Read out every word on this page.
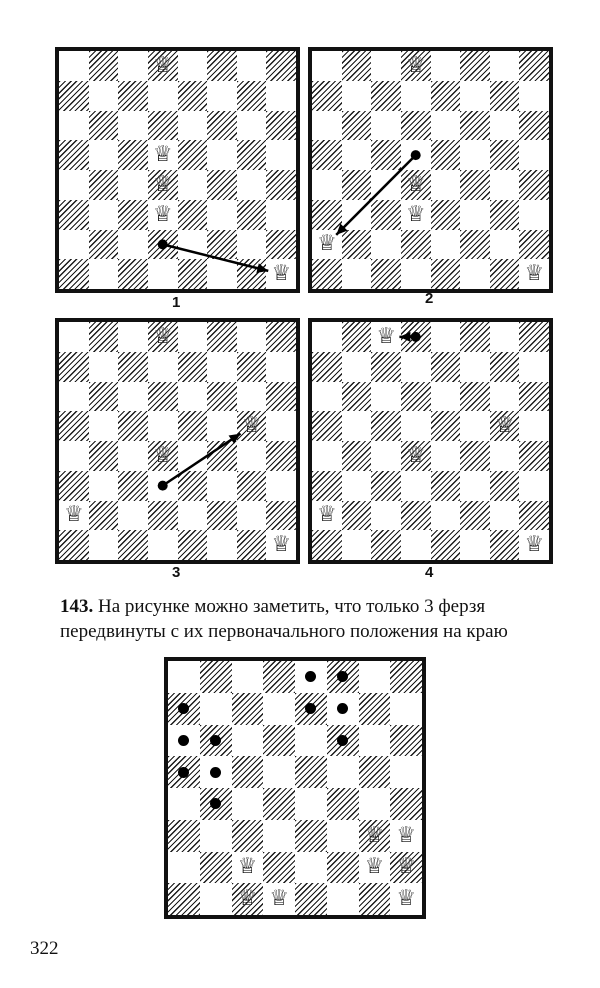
♕
♕
♕
♕
♕
1
♕
♕
♕
♕
♕	2
♕
♕
♕
♕
♕
3
♕
♕
♕
♕
♕	4
143. На рисунке можно заметить, что только 3 ферзя
передвинуты с их первоначального положения на краю
♕
♕
♕
♕
♕
♕
♕
♕
322
